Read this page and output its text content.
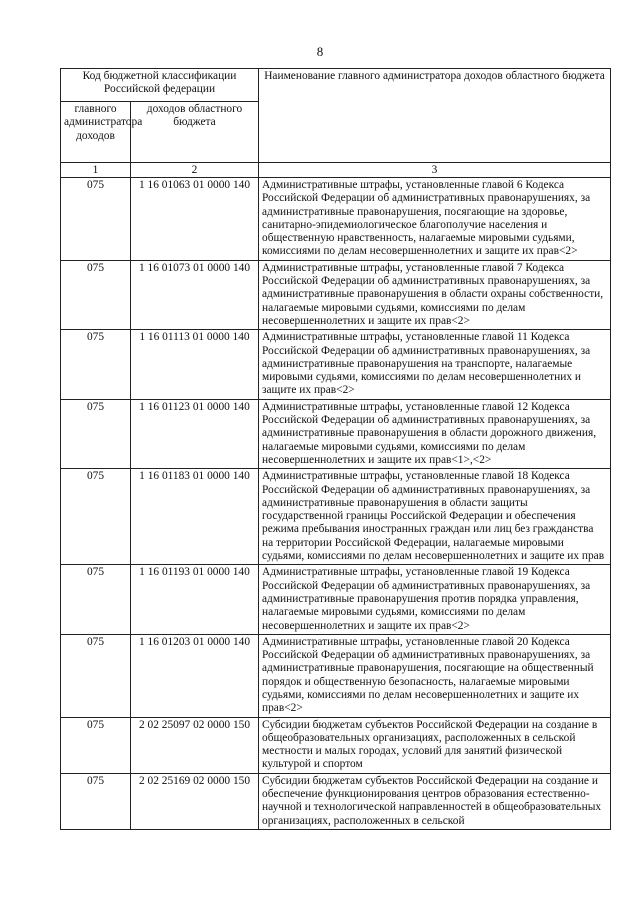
8
Код бюджетной классификации Российской федерации		Наименование главного администратора доходов областного бюджета
главного администратора доходов	доходов областного бюджета	
1	2	3
075	1 16 01063 01 0000 140	Административные штрафы, установленные главой 6 Кодекса Российской Федерации об административных правонарушениях, за административные правонарушения, посягающие на здоровье, санитарно-эпидемиологическое благополучие населения и общественную нравственность, налагаемые мировыми судьями, комиссиями по делам несовершеннолетних и защите их прав<2>
075	1 16 01073 01 0000 140	Административные штрафы, установленные главой 7 Кодекса Российской Федерации об административных правонарушениях, за административные правонарушения в области охраны собственности, налагаемые мировыми судьями, комиссиями по делам несовершеннолетних и защите их прав<2>
075	1 16 01113 01 0000 140	Административные штрафы, установленные главой 11 Кодекса Российской Федерации об административных правонарушениях, за административные правонарушения на транспорте, налагаемые мировыми судьями, комиссиями по делам несовершеннолетних и защите их прав<2>
075	1 16 01123 01 0000 140	Административные штрафы, установленные главой 12 Кодекса Российской Федерации об административных правонарушениях, за административные правонарушения в области дорожного движения, налагаемые мировыми судьями, комиссиями по делам несовершеннолетних и защите их прав<1>,<2>
075	1 16 01183 01 0000 140	Административные штрафы, установленные главой 18 Кодекса Российской Федерации об административных правонарушениях, за административные правонарушения в области защиты государственной границы Российской Федерации и обеспечения режима пребывания иностранных граждан или лиц без гражданства на территории Российской Федерации, налагаемые мировыми судьями, комиссиями по делам несовершеннолетних и защите их прав
075	1 16 01193 01 0000 140	Административные штрафы, установленные главой 19 Кодекса Российской Федерации об административных правонарушениях, за административные правонарушения против порядка управления, налагаемые мировыми судьями, комиссиями по делам несовершеннолетних и защите их прав<2>
075	1 16 01203 01 0000 140	Административные штрафы, установленные главой 20 Кодекса Российской Федерации об административных правонарушениях, за административные правонарушения, посягающие на общественный порядок и общественную безопасность, налагаемые мировыми судьями, комиссиями по делам несовершеннолетних и защите их прав<2>
075	2 02 25097 02 0000 150	Субсидии бюджетам субъектов Российской Федерации на создание в общеобразовательных организациях, расположенных в сельской местности и малых городах, условий для занятий физической культурой и спортом
075	2 02 25169 02 0000 150	Субсидии бюджетам субъектов Российской Федерации на создание и обеспечение функционирования центров образования естественно-научной и технологической направленностей в общеобразовательных организациях, расположенных в сельской
